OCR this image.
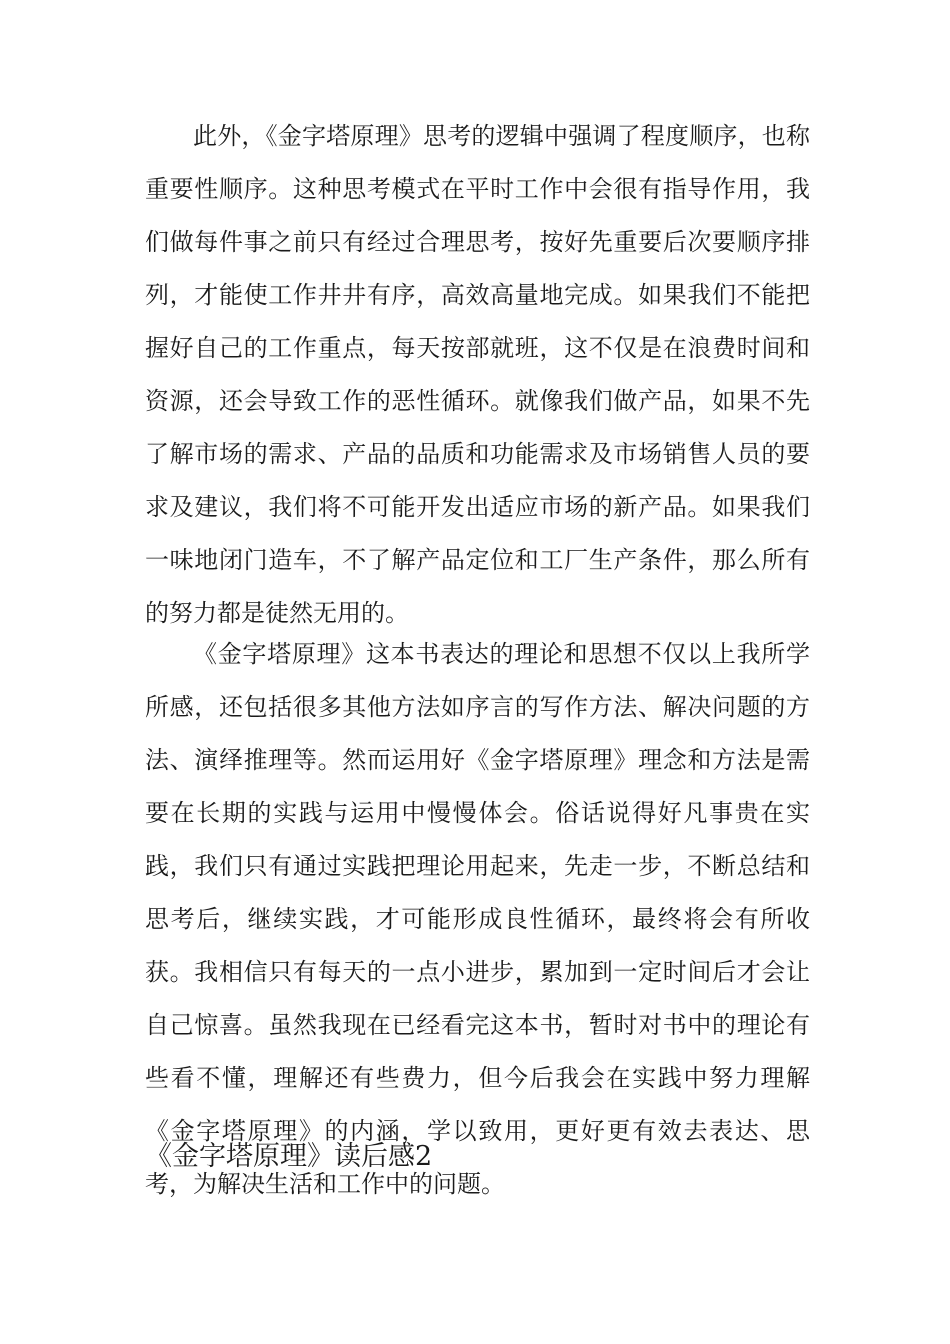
此外，《金字塔原理》思考的逻辑中强调了程度顺序，也称重要性顺序。这种思考模式在平时工作中会很有指导作用，我们做每件事之前只有经过合理思考，按好先重要后次要顺序排列，才能使工作井井有序，高效高量地完成。如果我们不能把握好自己的工作重点，每天按部就班，这不仅是在浪费时间和资源，还会导致工作的恶性循环。就像我们做产品，如果不先了解市场的需求、产品的品质和功能需求及市场销售人员的要求及建议，我们将不可能开发出适应市场的新产品。如果我们一味地闭门造车，不了解产品定位和工厂生产条件，那么所有的努力都是徒然无用的。

《金字塔原理》这本书表达的理论和思想不仅以上我所学所感，还包括很多其他方法如序言的写作方法、解决问题的方法、演绎推理等。然而运用好《金字塔原理》理念和方法是需要在长期的实践与运用中慢慢体会。俗话说得好凡事贵在实践，我们只有通过实践把理论用起来，先走一步，不断总结和思考后，继续实践，才可能形成良性循环，最终将会有所收获。我相信只有每天的一点小进步，累加到一定时间后才会让自己惊喜。虽然我现在已经看完这本书，暂时对书中的理论有些看不懂，理解还有些费力，但今后我会在实践中努力理解《金字塔原理》的内涵，学以致用，更好更有效去表达、思考，为解决生活和工作中的问题。

《金字塔原理》读后感2
